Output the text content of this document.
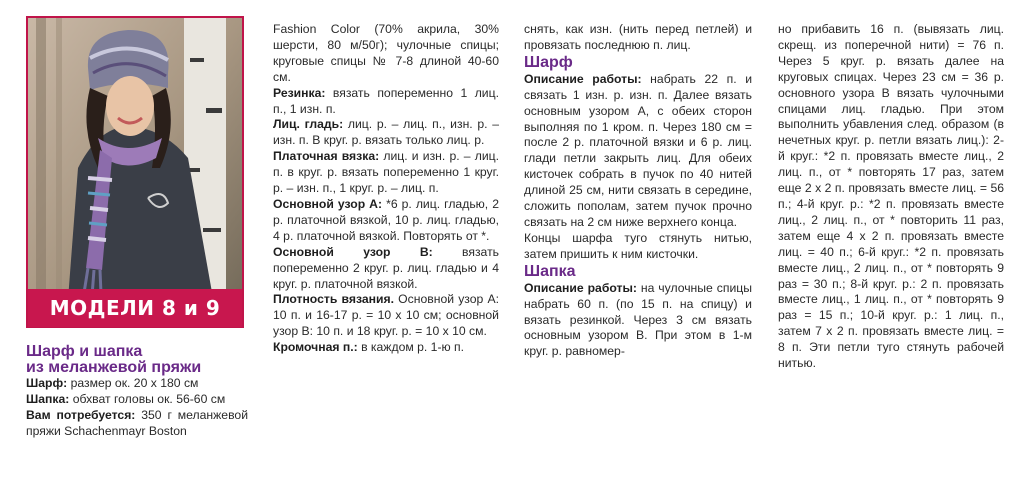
МОДЕЛИ 8 и 9

Шарф и шапка

из меланжевой пряжи

Шарф: размер ок. 20 х 180 см

Шапка: обхват головы ок. 56-60 см

Вам потребуется: 350 г меланжевой пряжи Schachenmayr Boston

Fashion Color (70% акрила, 30% шерсти, 80 м/50г); чулочные спицы; круговые спицы № 7-8 длиной 40-60 см.

Резинка: вязать попеременно 1 лиц. п., 1 изн. п.

Лиц. гладь: лиц. р. – лиц. п., изн. р. – изн. п. В круг. р. вязать только лиц. р.

Платочная вязка: лиц. и изн. р. – лиц. п. в круг. р. вязать попеременно 1 круг. р. – изн. п., 1 круг. р. – лиц. п.

Основной узор А: *6 р. лиц. гладью, 2 р. платочной вязкой, 10 р. лиц. гладью, 4 р. платочной вязкой. Повторять от *.

Основной узор В: вязать попеременно 2 круг. р. лиц. гладью и 4 круг. р. платочной вязкой.

Плотность вязания. Основной узор А: 10 п. и 16-17 р. = 10 х 10 см; основной узор В: 10 п. и 18 круг. р. = 10 х 10 см.

Кромочная п.: в каждом р. 1-ю п.

снять, как изн. (нить перед петлей) и провязать последнюю п. лиц.

Шарф

Описание работы: набрать 22 п. и связать 1 изн. р. изн. п. Далее вязать основным узором А, с обеих сторон выполняя по 1 кром. п. Через 180 см = после 2 р. платочной вязки и 6 р. лиц. глади петли закрыть лиц. Для обеих кисточек собрать в пучок по 40 нитей длиной 25 см, нити связать в середине, сложить пополам, затем пучок прочно связать на 2 см ниже верхнего конца.

Концы шарфа туго стянуть нитью, затем пришить к ним кисточки.

Шапка

Описание работы: на чулочные спицы набрать 60 п. (по 15 п. на спицу) и вязать резинкой. Через 3 см вязать основным узором В. При этом в 1-м круг. р. равномер-

но прибавить 16 п. (вывязать лиц. скрещ. из поперечной нити) = 76 п. Через 5 круг. р. вязать далее на круговых спицах. Через 23 см = 36 р. основного узора В вязать чулочными спицами лиц. гладью. При этом выполнить убавления след. образом (в нечетных круг. р. петли вязать лиц.): 2-й круг.: *2 п. провязать вместе лиц., 2 лиц. п., от * повторять 17 раз, затем еще 2 х 2 п. провязать вместе лиц. = 56 п.; 4-й круг. р.: *2 п. провязать вместе лиц., 2 лиц. п., от * повторить 11 раз, затем еще 4 х 2 п. провязать вместе лиц. = 40 п.; 6-й круг.: *2 п. провязать вместе лиц., 2 лиц. п., от * повторять 9 раз = 30 п.; 8-й круг. р.: 2 п. провязать вместе лиц., 1 лиц. п., от * повторять 9 раз = 15 п.; 10-й круг. р.: 1 лиц. п., затем 7 х 2 п. провязать вместе лиц. = 8 п. Эти петли туго стянуть рабочей нитью.
